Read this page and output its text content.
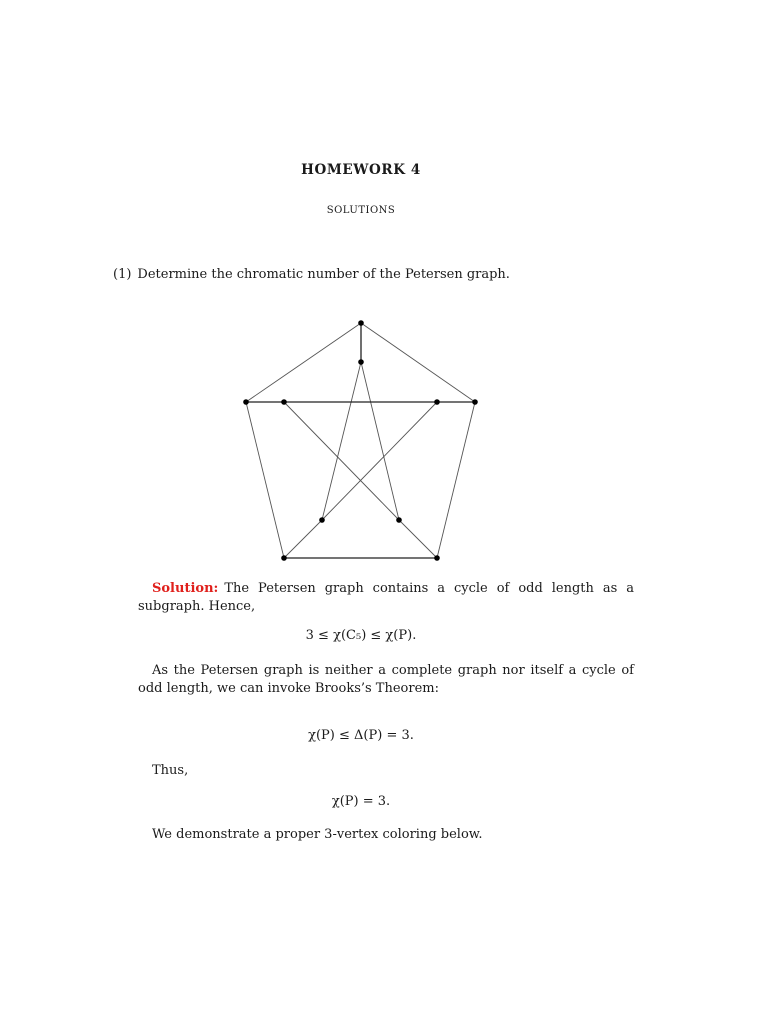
HOMEWORK 4
SOLUTIONS
(1) Determine the chromatic number of the Petersen graph.
Solution: The Petersen graph contains a cycle of odd length as a subgraph. Hence,
3 ≤ χ(C₅) ≤ χ(P).
As the Petersen graph is neither a complete graph nor itself a cycle of odd length, we can invoke Brooks’s Theorem:
χ(P) ≤ Δ(P) = 3.
Thus,
χ(P) = 3.
We demonstrate a proper 3-vertex coloring below.
